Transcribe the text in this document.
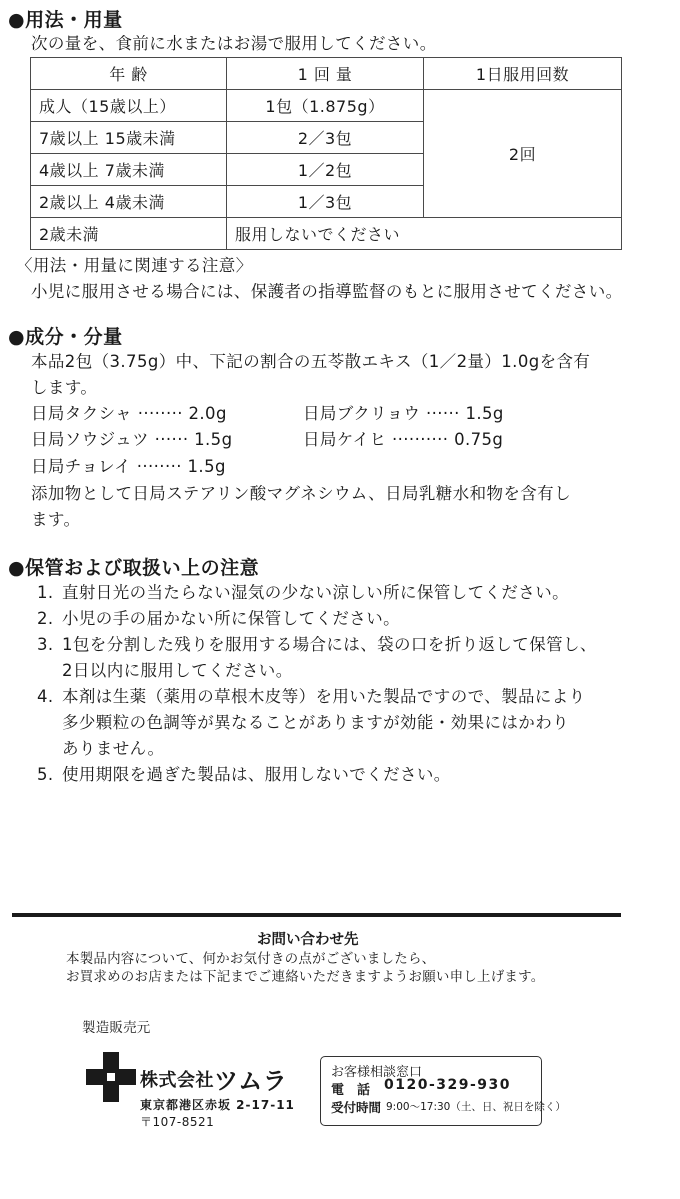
●用法・用量
次の量を、食前に水またはお湯で服用してください。
年 齢	1 回 量	1日服用回数
成人（15歳以上）	1包（1.875g）	2回
7歳以上 15歳未満	2／3包	
4歳以上 7歳未満	1／2包	
2歳以上 4歳未満	1／3包	
2歳未満	服用しないでください	
〈用法・用量に関連する注意〉
小児に服用させる場合には、保護者の指導監督のもとに服用させてください。
●成分・分量
本品2包（3.75g）中、下記の割合の五苓散エキス（1／2量）1.0gを含有
します。
日局タクシャ ········ 2.0g	日局ブクリョウ ······ 1.5g
日局ソウジュツ ······ 1.5g	日局ケイヒ ·········· 0.75g
日局チョレイ ········ 1.5g
添加物として日局ステアリン酸マグネシウム、日局乳糖水和物を含有し
ます。
●保管および取扱い上の注意
1. 直射日光の当たらない湿気の少ない涼しい所に保管してください。
2. 小児の手の届かない所に保管してください。
3. 1包を分割した残りを服用する場合には、袋の口を折り返して保管し、
2日以内に服用してください。
4. 本剤は生薬（薬用の草根木皮等）を用いた製品ですので、製品により
多少顆粒の色調等が異なることがありますが効能・効果にはかわり
ありません。
5. 使用期限を過ぎた製品は、服用しないでください。
お問い合わせ先
本製品内容について、何かお気付きの点がございましたら、
お買求めのお店または下記までご連絡いただきますようお願い申し上げます。
製造販売元
株式会社 ツムラ
東京都港区赤坂 2-17-11
〒107-8521
お客様相談窓口
電　話 0120-329-930
受付時間 9:00〜17:30（土、日、祝日を除く）
